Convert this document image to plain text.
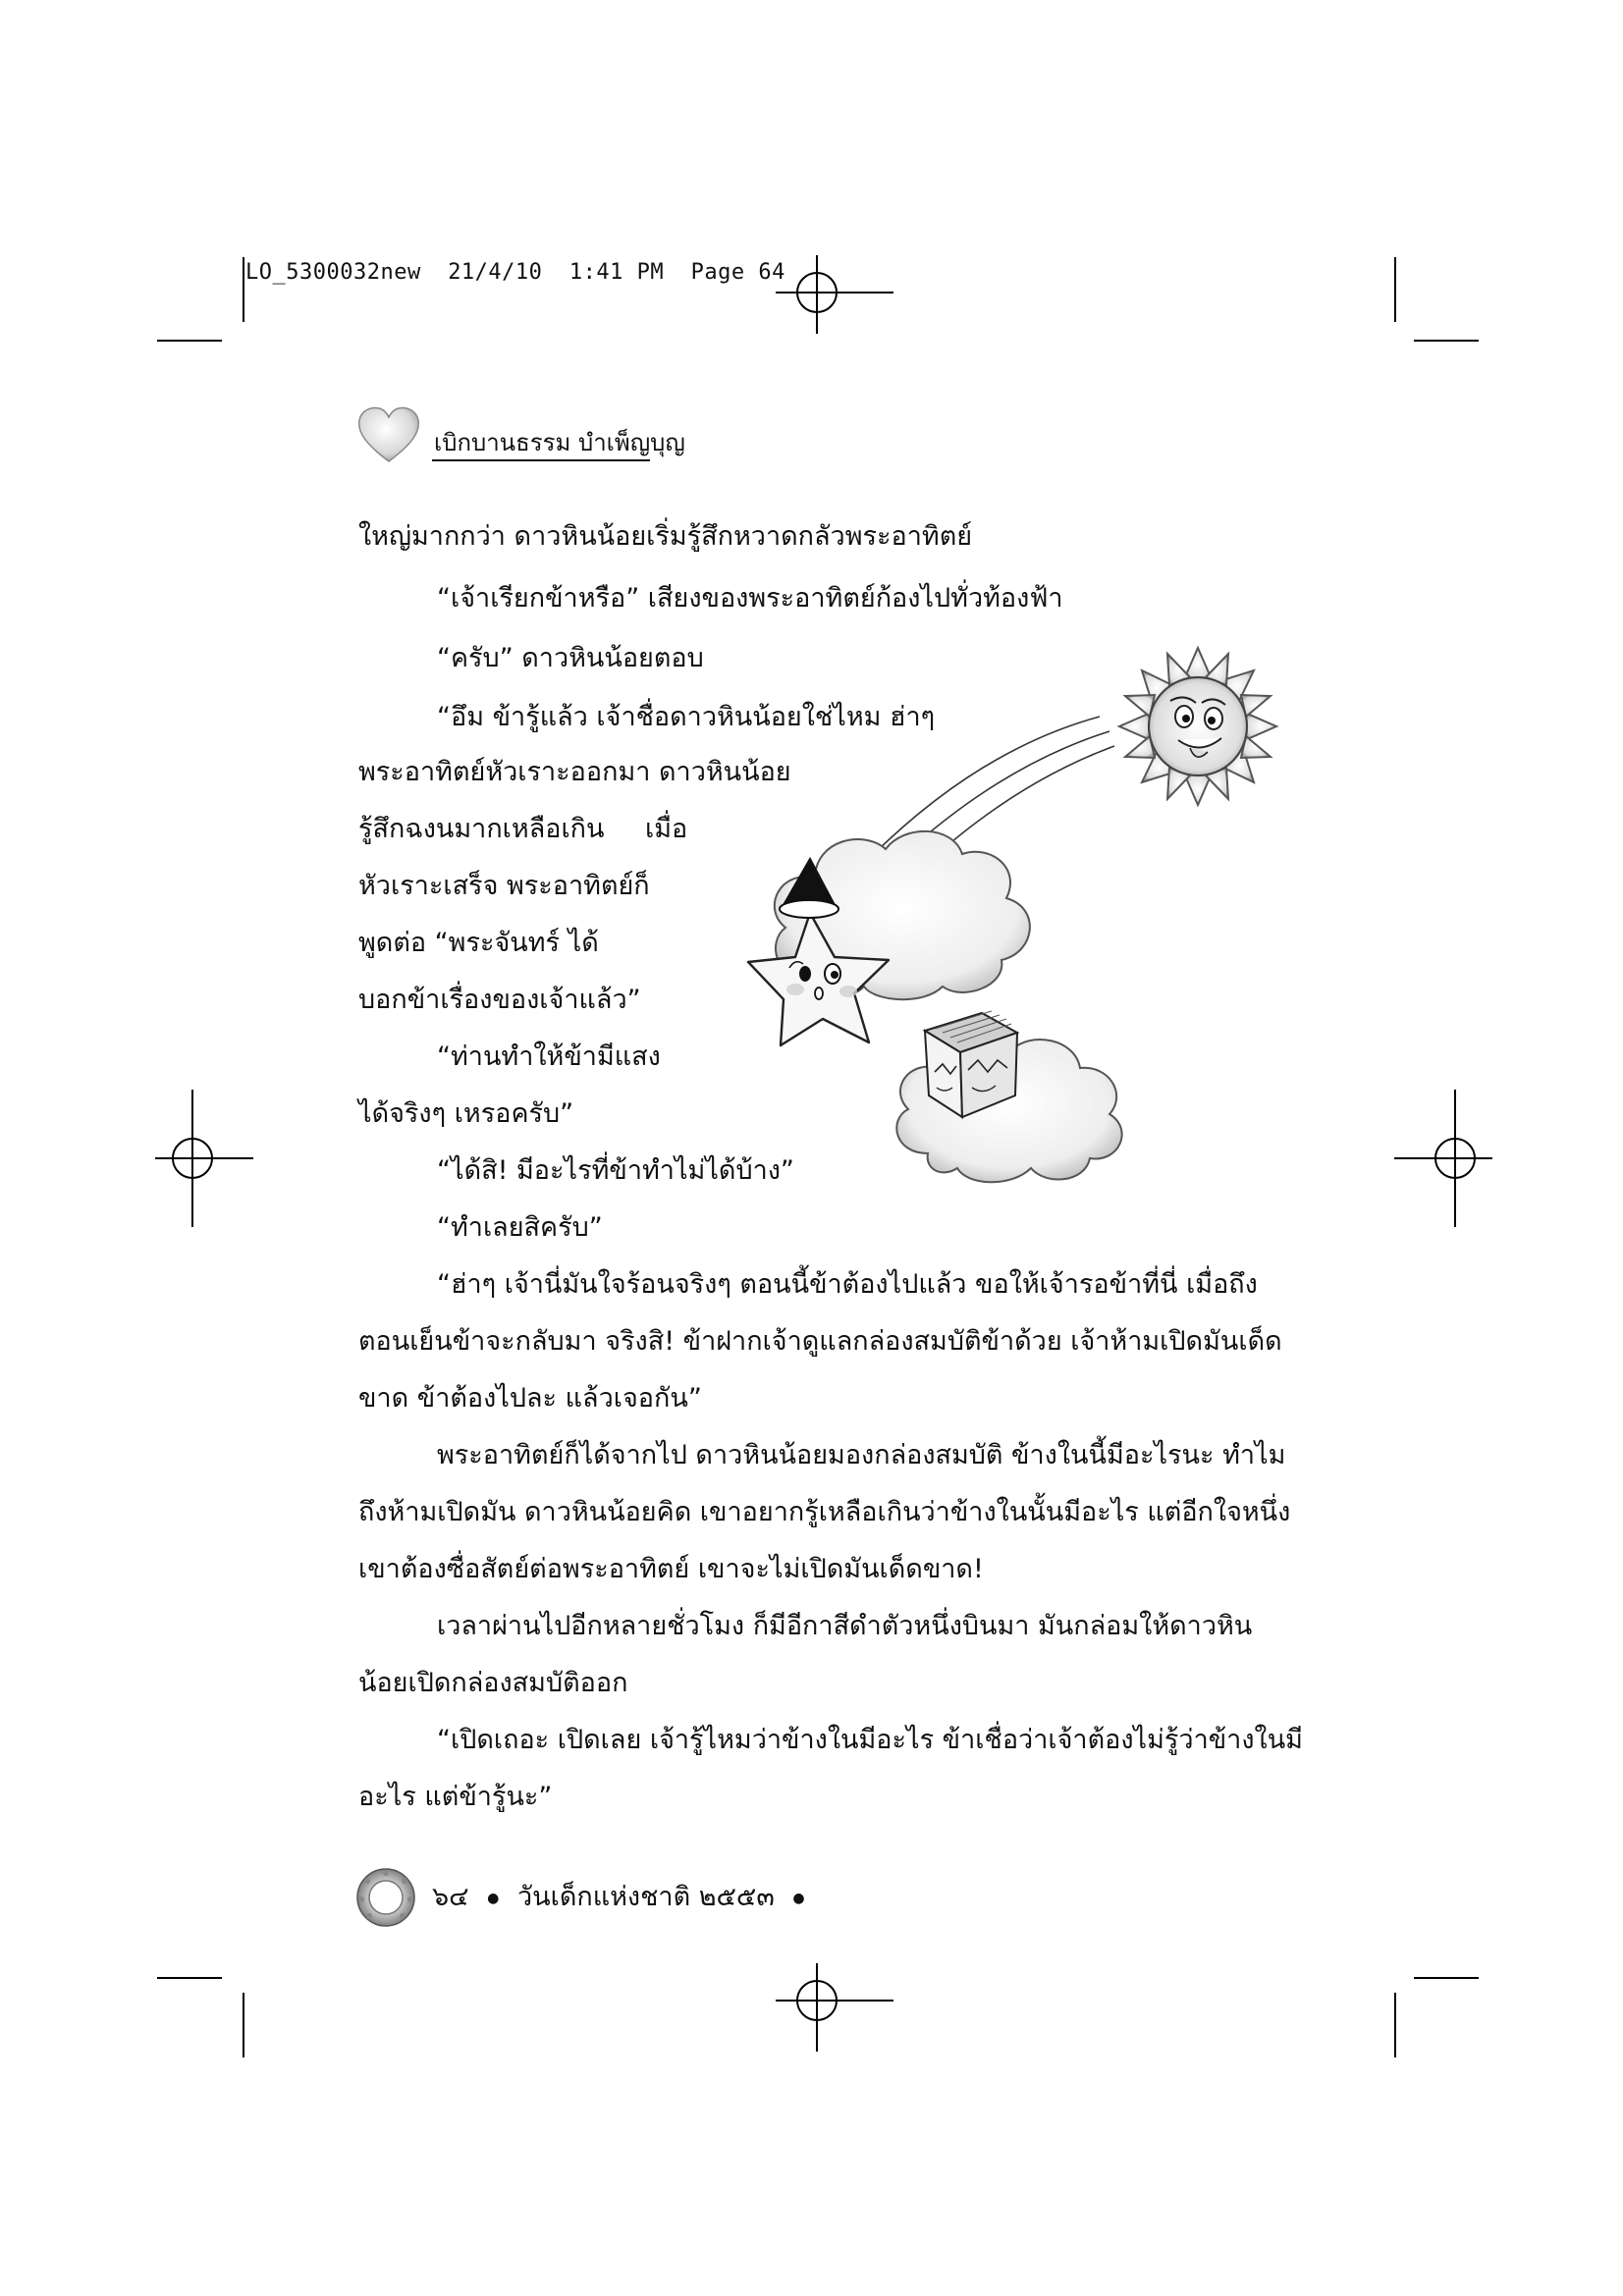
LO_5300032new 21/4/10 1:41 PM Page 64
เบิกบานธรรม บำเพ็ญบุญ
ใหญ่มากกว่า ดาวหินน้อยเริ่มรู้สึกหวาดกลัวพระอาทิตย์
“เจ้าเรียกข้าหรือ” เสียงของพระอาทิตย์ก้องไปทั่วท้องฟ้า
“ครับ” ดาวหินน้อยตอบ
“อึม ข้ารู้แล้ว เจ้าชื่อดาวหินน้อยใช่ไหม ฮ่าๆ
พระอาทิตย์หัวเราะออกมา ดาวหินน้อย
รู้สึกฉงนมากเหลือเกิน เมื่อ
หัวเราะเสร็จ พระอาทิตย์ก็
พูดต่อ “พระจันทร์ ได้
บอกข้าเรื่องของเจ้าแล้ว”
“ท่านทำให้ข้ามีแสง
ได้จริงๆ เหรอครับ”
“ได้สิ! มีอะไรที่ข้าทำไม่ได้บ้าง”
“ทำเลยสิครับ”
“ฮ่าๆ เจ้านี่มันใจร้อนจริงๆ ตอนนี้ข้าต้องไปแล้ว ขอให้เจ้ารอข้าที่นี่ เมื่อถึง
ตอนเย็นข้าจะกลับมา จริงสิ! ข้าฝากเจ้าดูแลกล่องสมบัติข้าด้วย เจ้าห้ามเปิดมันเด็ด
ขาด ข้าต้องไปละ แล้วเจอกัน”
พระอาทิตย์ก็ได้จากไป ดาวหินน้อยมองกล่องสมบัติ ข้างในนี้มีอะไรนะ ทำไม
ถึงห้ามเปิดมัน ดาวหินน้อยคิด เขาอยากรู้เหลือเกินว่าข้างในนั้นมีอะไร แต่อีกใจหนึ่ง
เขาต้องซื่อสัตย์ต่อพระอาทิตย์ เขาจะไม่เปิดมันเด็ดขาด!
เวลาผ่านไปอีกหลายชั่วโมง ก็มีอีกาสีดำตัวหนึ่งบินมา มันกล่อมให้ดาวหิน
น้อยเปิดกล่องสมบัติออก
“เปิดเถอะ เปิดเลย เจ้ารู้ไหมว่าข้างในมีอะไร ข้าเชื่อว่าเจ้าต้องไม่รู้ว่าข้างในมี
อะไร แต่ข้ารู้นะ”
๖๔ ● วันเด็กแห่งชาติ ๒๕๕๓ ●
